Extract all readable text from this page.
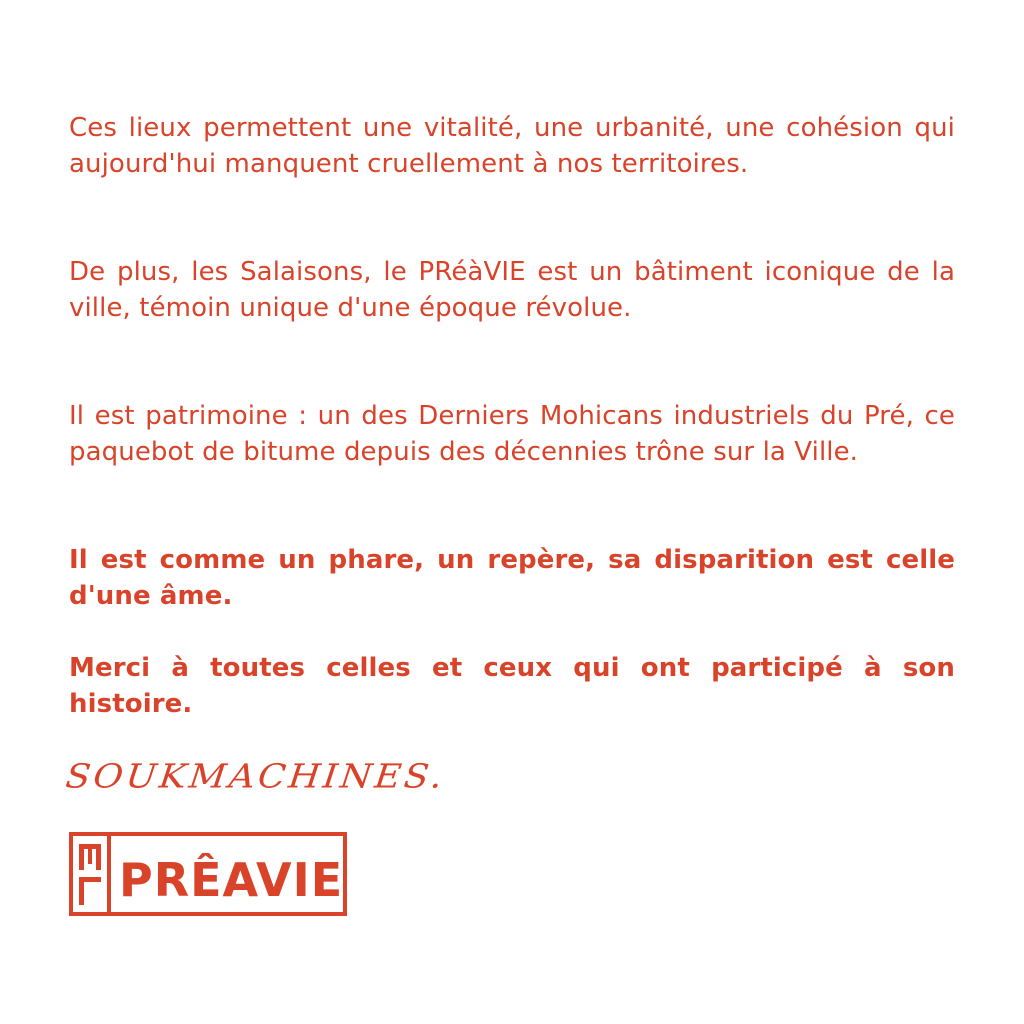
Ces lieux permettent une vitalité, une urbanité, une cohésion qui aujourd'hui manquent cruellement à nos territoires.

De plus, les Salaisons, le PRéàVIE est un bâtiment iconique de la ville, témoin unique d'une époque révolue.

Il est patrimoine : un des Derniers Mohicans industriels du Pré, ce paquebot de bitume depuis des décennies trône sur la Ville.

Il est comme un phare, un repère, sa disparition est celle d'une âme.

Merci à toutes celles et ceux qui ont participé à son histoire.

SOUKMACHINES.
PRÊAVIE
